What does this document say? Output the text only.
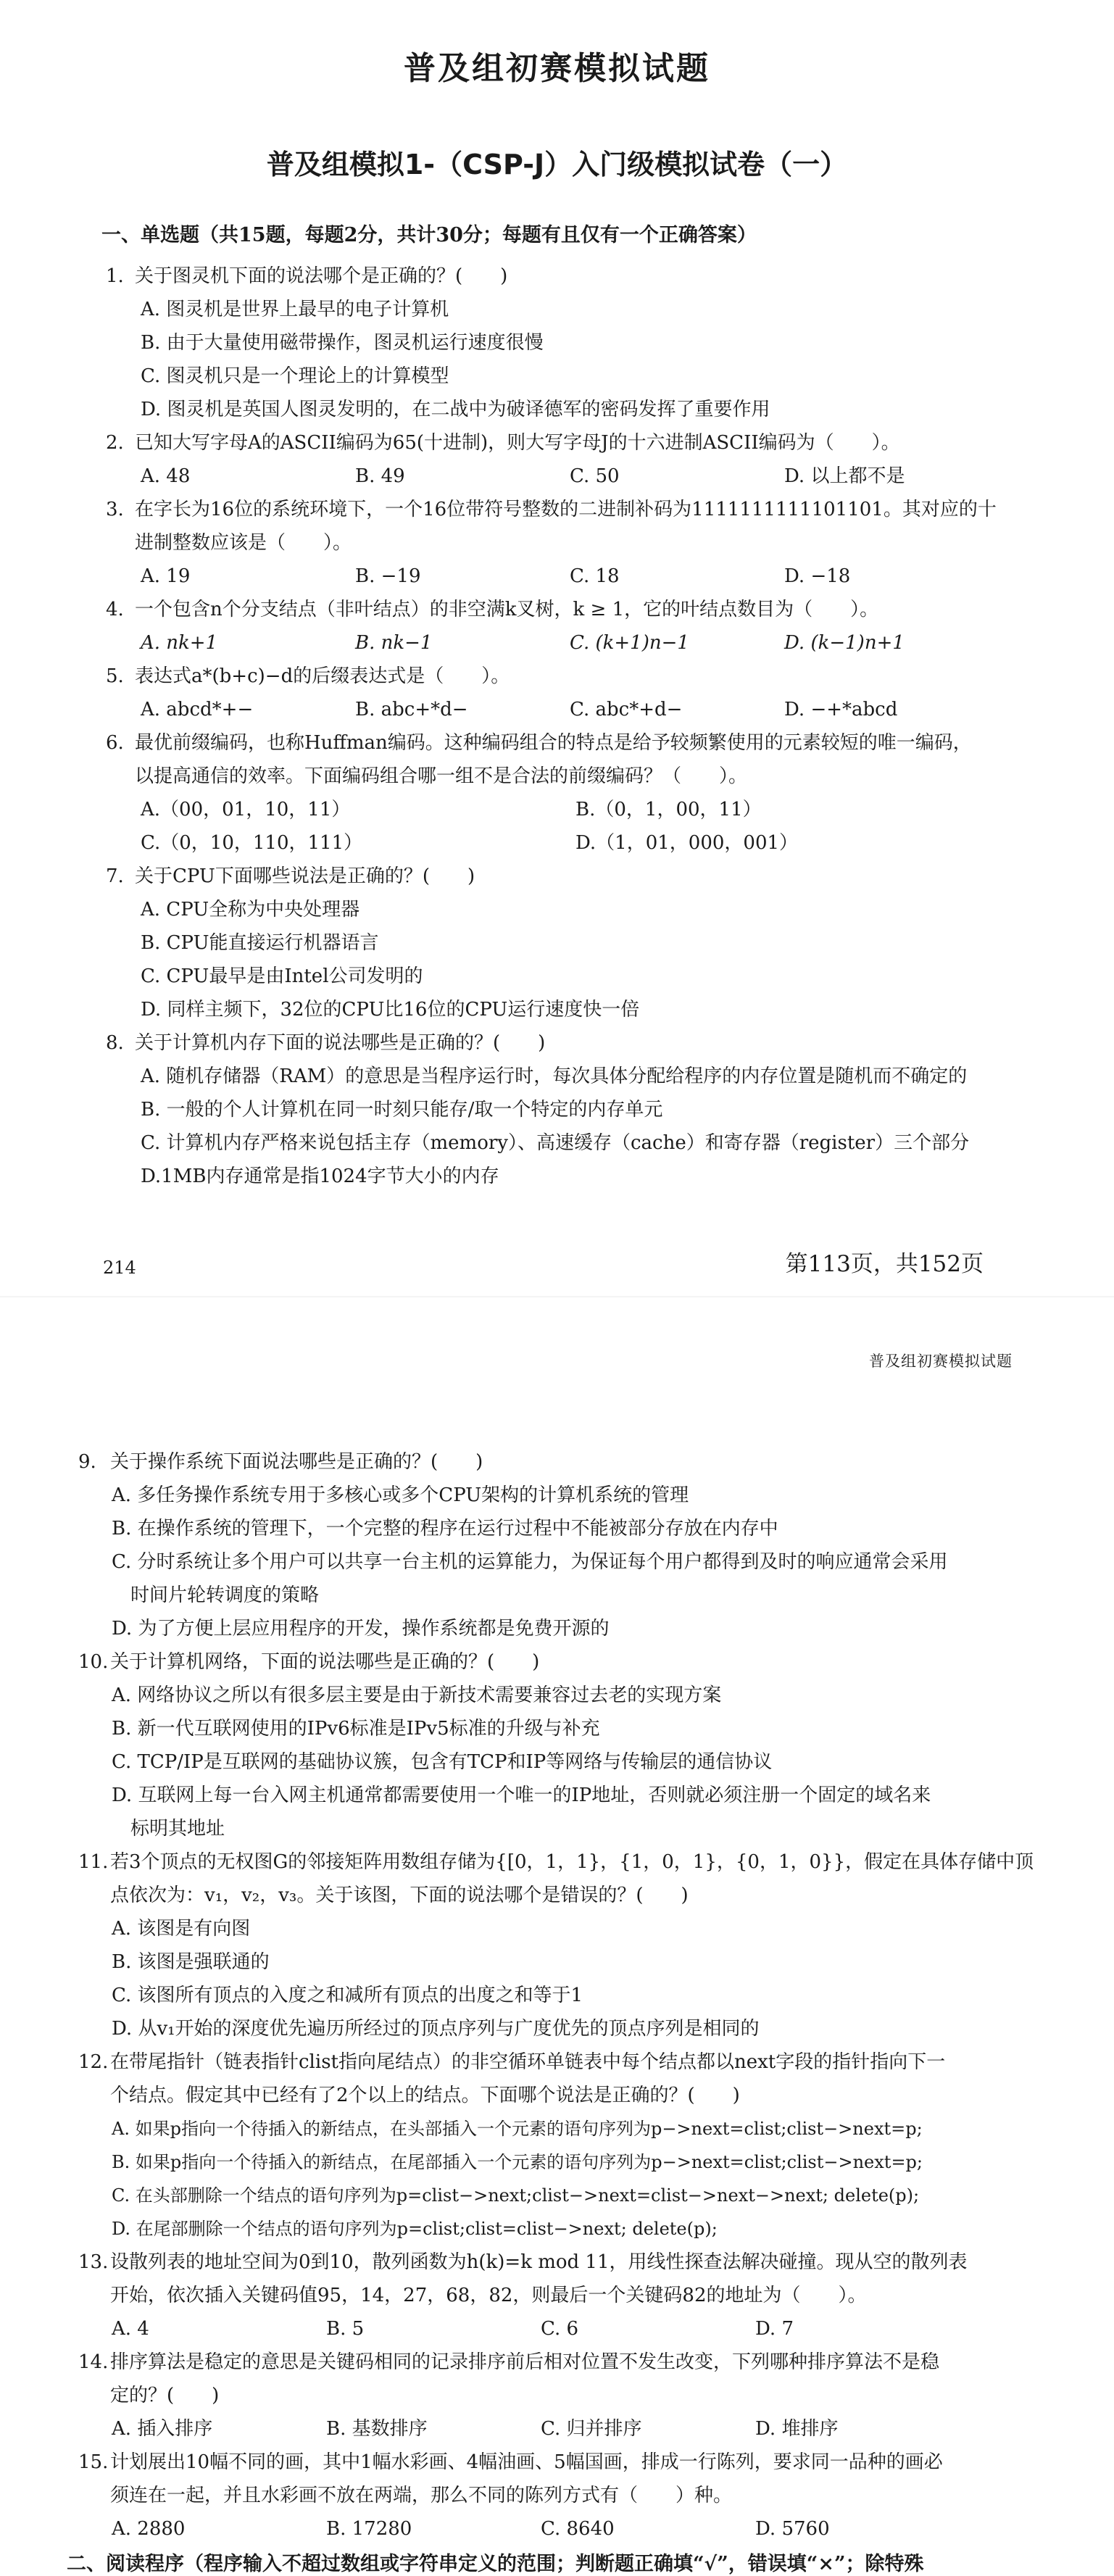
普及组初赛模拟试题
普及组模拟1-（CSP-J）入门级模拟试卷（一）
一、单选题（共15题，每题2分，共计30分；每题有且仅有一个正确答案）
1. 关于图灵机下面的说法哪个是正确的？(　　)
A. 图灵机是世界上最早的电子计算机
B. 由于大量使用磁带操作，图灵机运行速度很慢
C. 图灵机只是一个理论上的计算模型
D. 图灵机是英国人图灵发明的，在二战中为破译德军的密码发挥了重要作用
2. 已知大写字母A的ASCII编码为65(十进制)，则大写字母J的十六进制ASCII编码为（　　）。
A. 48	B. 49	C. 50	D. 以上都不是
3. 在字长为16位的系统环境下，一个16位带符号整数的二进制补码为1111111111101101。其对应的十
进制整数应该是（　　）。
A. 19	B. −19	C. 18	D. −18
4. 一个包含n个分支结点（非叶结点）的非空满k叉树，k ≥ 1，它的叶结点数目为（　　）。
A. nk+1	B. nk−1	C. (k+1)n−1	D. (k−1)n+1
5. 表达式a*(b+c)−d的后缀表达式是（　　）。
A. abcd*+−	B. abc+*d−	C. abc*+d−	D. −+*abcd
6. 最优前缀编码，也称Huffman编码。这种编码组合的特点是给予较频繁使用的元素较短的唯一编码，
以提高通信的效率。下面编码组合哪一组不是合法的前缀编码？（　　）。
A.（00，01，10，11）	B.（0，1，00，11）
C.（0，10，110，111）	D.（1，01，000，001）
7. 关于CPU下面哪些说法是正确的？(　　)
A. CPU全称为中央处理器
B. CPU能直接运行机器语言
C. CPU最早是由Intel公司发明的
D. 同样主频下，32位的CPU比16位的CPU运行速度快一倍
8. 关于计算机内存下面的说法哪些是正确的？(　　)
A. 随机存储器（RAM）的意思是当程序运行时，每次具体分配给程序的内存位置是随机而不确定的
B. 一般的个人计算机在同一时刻只能存/取一个特定的内存单元
C. 计算机内存严格来说包括主存（memory）、高速缓存（cache）和寄存器（register）三个部分
D.1MB内存通常是指1024字节大小的内存
214	第113页，共152页
普及组初赛模拟试题
9. 关于操作系统下面说法哪些是正确的？(　　)
A. 多任务操作系统专用于多核心或多个CPU架构的计算机系统的管理
B. 在操作系统的管理下，一个完整的程序在运行过程中不能被部分存放在内存中
C. 分时系统让多个用户可以共享一台主机的运算能力，为保证每个用户都得到及时的响应通常会采用
时间片轮转调度的策略
D. 为了方便上层应用程序的开发，操作系统都是免费开源的
10. 关于计算机网络，下面的说法哪些是正确的？(　　)
A. 网络协议之所以有很多层主要是由于新技术需要兼容过去老的实现方案
B. 新一代互联网使用的IPv6标准是IPv5标准的升级与补充
C. TCP/IP是互联网的基础协议簇，包含有TCP和IP等网络与传输层的通信协议
D. 互联网上每一台入网主机通常都需要使用一个唯一的IP地址，否则就必须注册一个固定的域名来
标明其地址
11. 若3个顶点的无权图G的邻接矩阵用数组存储为{[0，1，1}，{1，0，1}，{0，1，0}}，假定在具体存储中顶
点依次为：v₁，v₂，v₃。关于该图，下面的说法哪个是错误的？(　　)
A. 该图是有向图
B. 该图是强联通的
C. 该图所有顶点的入度之和减所有顶点的出度之和等于1
D. 从v₁开始的深度优先遍历所经过的顶点序列与广度优先的顶点序列是相同的
12. 在带尾指针（链表指针clist指向尾结点）的非空循环单链表中每个结点都以next字段的指针指向下一
个结点。假定其中已经有了2个以上的结点。下面哪个说法是正确的？(　　)
A. 如果p指向一个待插入的新结点，在头部插入一个元素的语句序列为p−>next=clist;clist−>next=p;
B. 如果p指向一个待插入的新结点，在尾部插入一个元素的语句序列为p−>next=clist;clist−>next=p;
C. 在头部删除一个结点的语句序列为p=clist−>next;clist−>next=clist−>next−>next; delete(p);
D. 在尾部删除一个结点的语句序列为p=clist;clist=clist−>next; delete(p);
13. 设散列表的地址空间为0到10，散列函数为h(k)=k mod 11，用线性探查法解决碰撞。现从空的散列表
开始，依次插入关键码值95，14，27，68，82，则最后一个关键码82的地址为（　　）。
A. 4	B. 5	C. 6	D. 7
14. 排序算法是稳定的意思是关键码相同的记录排序前后相对位置不发生改变，下列哪种排序算法不是稳
定的？(　　)
A. 插入排序	B. 基数排序	C. 归并排序	D. 堆排序
15. 计划展出10幅不同的画，其中1幅水彩画、4幅油画、5幅国画，排成一行陈列，要求同一品种的画必
须连在一起，并且水彩画不放在两端，那么不同的陈列方式有（　　）种。
A. 2880	B. 17280	C. 8640	D. 5760
二、阅读程序（程序输入不超过数组或字符串定义的范围；判断题正确填“√”，错误填“×”；除特殊
